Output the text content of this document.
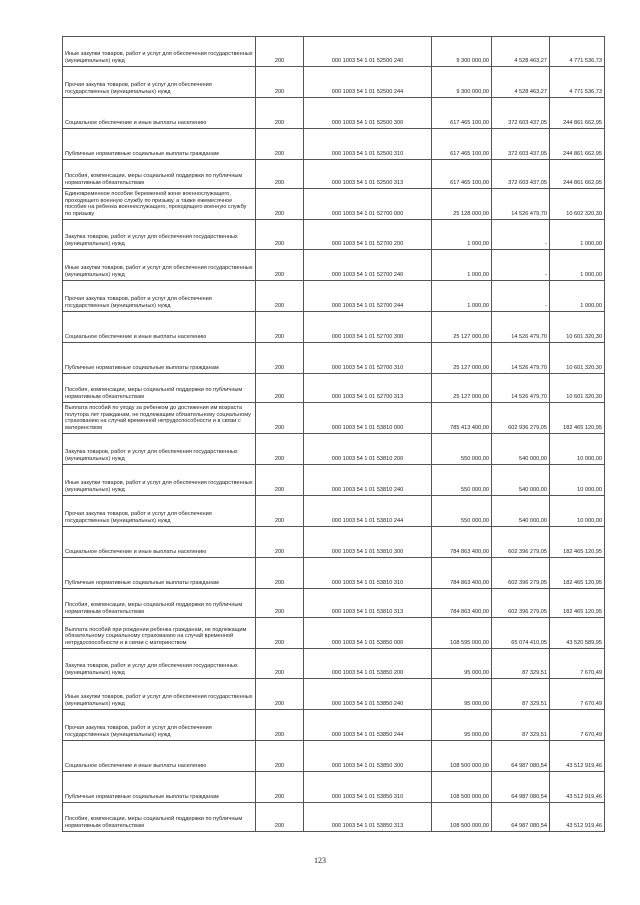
Иные закупки товаров, работ и услуг для обеспечения государственных (муниципальных) нужд	200	000 1003 54 1 01 52500 240	9 300 000,00	4 528 463,27	4 771 536,73
Прочая закупка товаров, работ и услуг для обеспечения государственных (муниципальных) нужд	200	000 1003 54 1 01 52500 244	9 300 000,00	4 528 463,27	4 771 536,73
Социальное обеспечение и иные выплаты населению	200	000 1003 54 1 01 52500 300	617 465 100,00	372 603 437,05	244 861 662,95
Публичные нормативные социальные выплаты гражданам	200	000 1003 54 1 01 52500 310	617 465 100,00	372 603 437,05	244 861 662,95
Пособия, компенсации, меры социальной поддержки по публичным нормативным обязательствам	200	000 1003 54 1 01 52500 313	617 465 100,00	372 603 437,05	244 861 662,95
Единовременное пособие беременной жене военнослужащего, проходящего военную службу по призыву, а также ежемесячное пособие на ребенка военнослужащего, проходящего военную службу по призыву	200	000 1003 54 1 01 52700 000	25 128 000,00	14 526 479,70	10 602 320,30
Закупка товаров, работ и услуг для обеспечения государственных (муниципальных) нужд	200	000 1003 54 1 01 52700 200	1 000,00	-	1 000,00
Иные закупки товаров, работ и услуг для обеспечения государственных (муниципальных) нужд	200	000 1003 54 1 01 52700 240	1 000,00	-	1 000,00
Прочая закупка товаров, работ и услуг для обеспечения государственных (муниципальных) нужд	200	000 1003 54 1 01 52700 244	1 000,00	-	1 000,00
Социальное обеспечение и иные выплаты населению	200	000 1003 54 1 01 52700 300	25 127 000,00	14 526 479,70	10 601 320,30
Публичные нормативные социальные выплаты гражданам	200	000 1003 54 1 01 52700 310	25 127 000,00	14 526 479,70	10 601 320,30
Пособия, компенсации, меры социальной поддержки по публичным нормативным обязательствам	200	000 1003 54 1 01 52700 313	25 127 000,00	14 526 479,70	10 601 320,30
Выплата пособий по уходу за ребенком до достижения им возраста полутора лет гражданам, не подлежащим обязательному социальному страхованию на случай временной нетрудоспособности и в связи с материнством	200	000 1003 54 1 01 53810 000	785 413 400,00	602 936 279,05	182 465 120,95
Закупка товаров, работ и услуг для обеспечения государственных (муниципальных) нужд	200	000 1003 54 1 01 53810 200	550 000,00	540 000,00	10 000,00
Иные закупки товаров, работ и услуг для обеспечения государственных (муниципальных) нужд	200	000 1003 54 1 01 53810 240	550 000,00	540 000,00	10 000,00
Прочая закупка товаров, работ и услуг для обеспечения государственных (муниципальных) нужд	200	000 1003 54 1 01 53810 244	550 000,00	540 000,00	10 000,00
Социальное обеспечение и иные выплаты населению	200	000 1003 54 1 01 53810 300	784 863 400,00	602 396 279,05	182 465 120,95
Публичные нормативные социальные выплаты гражданам	200	000 1003 54 1 01 53810 310	784 863 400,00	602 396 279,05	182 465 120,95
Пособия, компенсации, меры социальной поддержки по публичным нормативным обязательствам	200	000 1003 54 1 01 53810 313	784 863 400,00	602 396 279,05	182 465 120,95
Выплата пособий при рождении ребенка гражданам, не подлежащим обязательному социальному страхованию на случай временной нетрудоспособности и в связи с материнством	200	000 1003 54 1 01 53850 000	108 595 000,00	65 074 410,05	43 520 589,95
Закупка товаров, работ и услуг для обеспечения государственных (муниципальных) нужд	200	000 1003 54 1 01 53850 200	95 000,00	87 329,51	7 670,49
Иные закупки товаров, работ и услуг для обеспечения государственных (муниципальных) нужд	200	000 1003 54 1 01 53850 240	95 000,00	87 329,51	7 670,49
Прочая закупка товаров, работ и услуг для обеспечения государственных (муниципальных) нужд	200	000 1003 54 1 01 53850 244	95 000,00	87 329,51	7 670,49
Социальное обеспечение и иные выплаты населению	200	000 1003 54 1 01 53850 300	108 500 000,00	64 987 080,54	43 512 919,46
Публичные нормативные социальные выплаты гражданам	200	000 1003 54 1 01 53850 310	108 500 000,00	64 987 080,54	43 512 919,46
Пособия, компенсации, меры социальной поддержки по публичным нормативным обязательствам	200	000 1003 54 1 01 53850 313	108 500 000,00	64 987 080,54	43 512 919,46
123
